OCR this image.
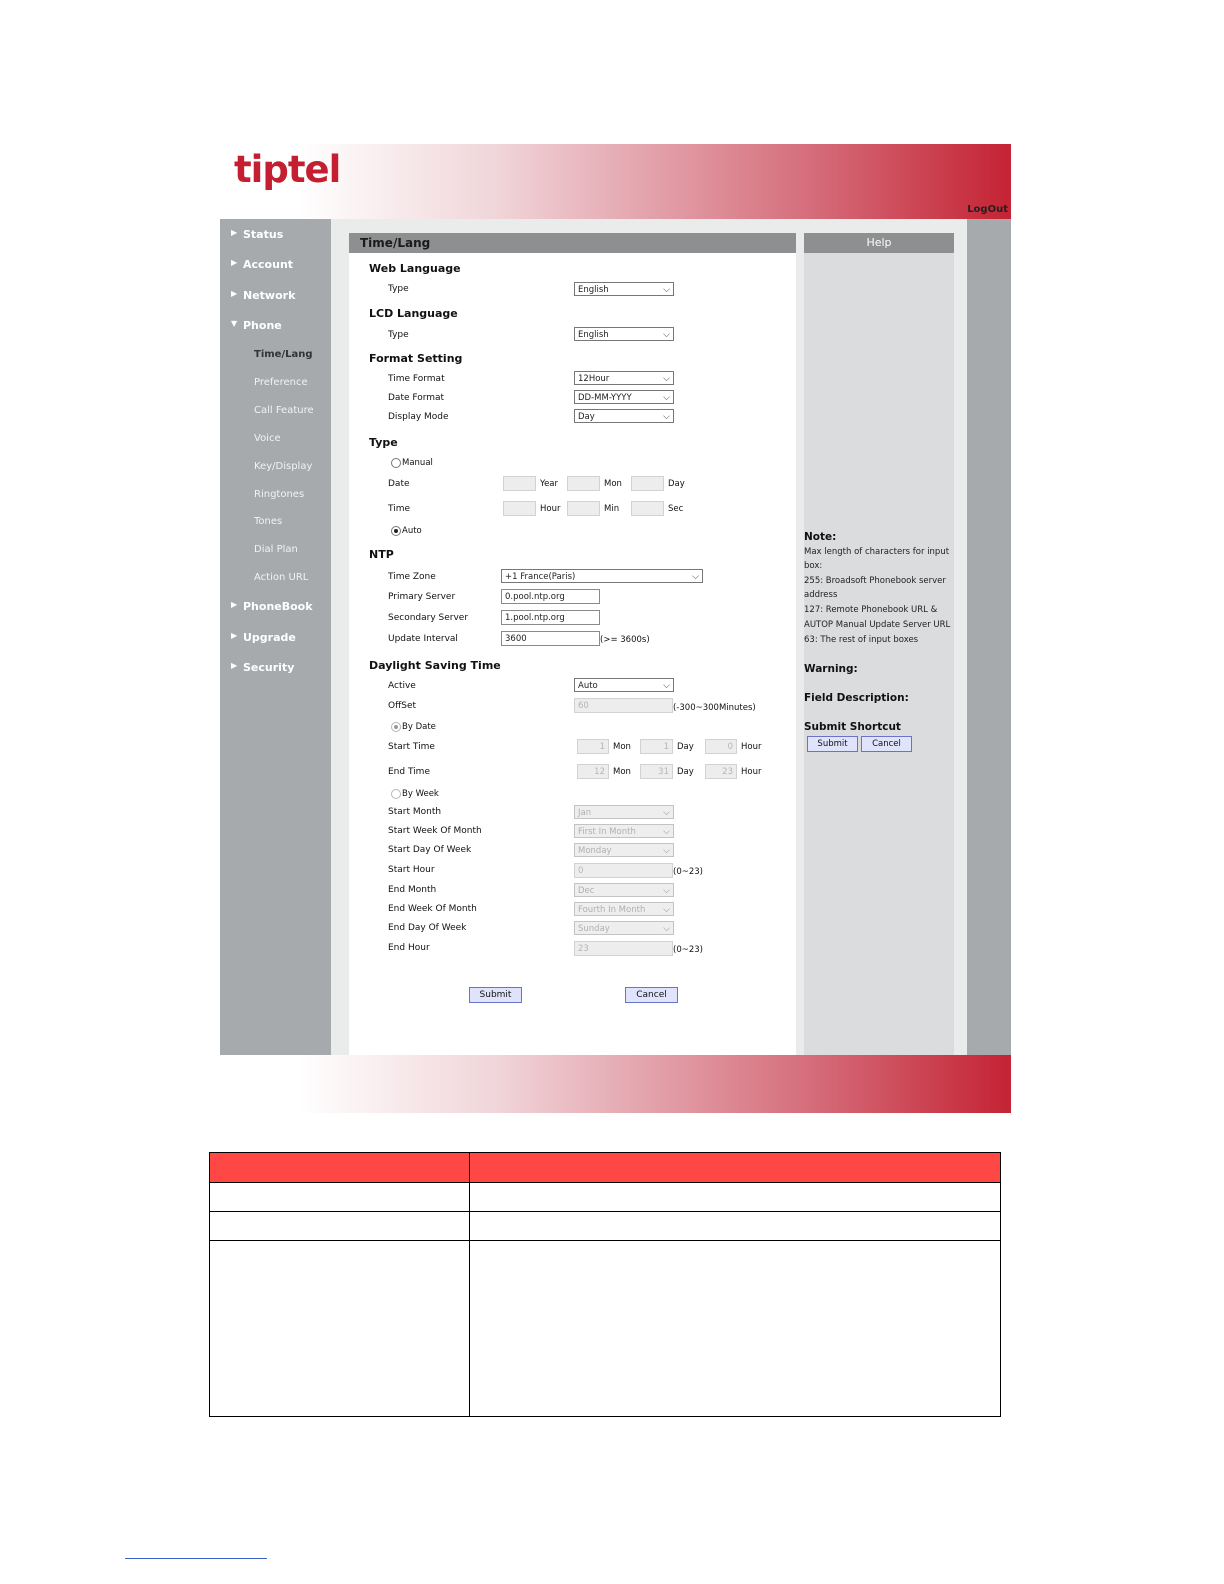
tiptel
LogOut
▶ Status
▶ Account
▶ Network
▼ Phone
Time/Lang
Preference
Call Feature
Voice
Key/Display
Ringtones
Tones
Dial Plan
Action URL
▶ PhoneBook
▶ Upgrade
▶ Security
Time/Lang
Web Language
Type	English	⌵
LCD Language
Type	English	⌵
Format Setting
Time Format	12Hour	⌵
Date Format	DD-MM-YYYY	⌵
Display Mode	Day	⌵
Type
Manual
Date	Year	Mon	Day
Time	Hour	Min	Sec
Auto
NTP
Time Zone	+1 France(Paris)	⌵
Primary Server	0.pool.ntp.org
Secondary Server	1.pool.ntp.org
Update Interval	3600	(>= 3600s)
Daylight Saving Time
Active	Auto	⌵
OffSet	60	(-300~300Minutes)
By Date
Start Time	1 Mon	1 Day	0 Hour
End Time	12 Mon	31 Day	23 Hour
By Week
Start Month	Jan	⌵
Start Week Of Month	First In Month	⌵
Start Day Of Week	Monday	⌵
Start Hour	0	(0~23)
End Month	Dec	⌵
End Week Of Month	Fourth In Month ⌵
End Day Of Week	Sunday	⌵
End Hour	23	(0~23)
Submit	Cancel
Help
Note:
Max length of characters for input
box:
255: Broadsoft Phonebook server
address
127: Remote Phonebook URL &
AUTOP Manual Update Server URL
63: The rest of input boxes
Warning:
Field Description:
Submit Shortcut
Submit	Cancel
